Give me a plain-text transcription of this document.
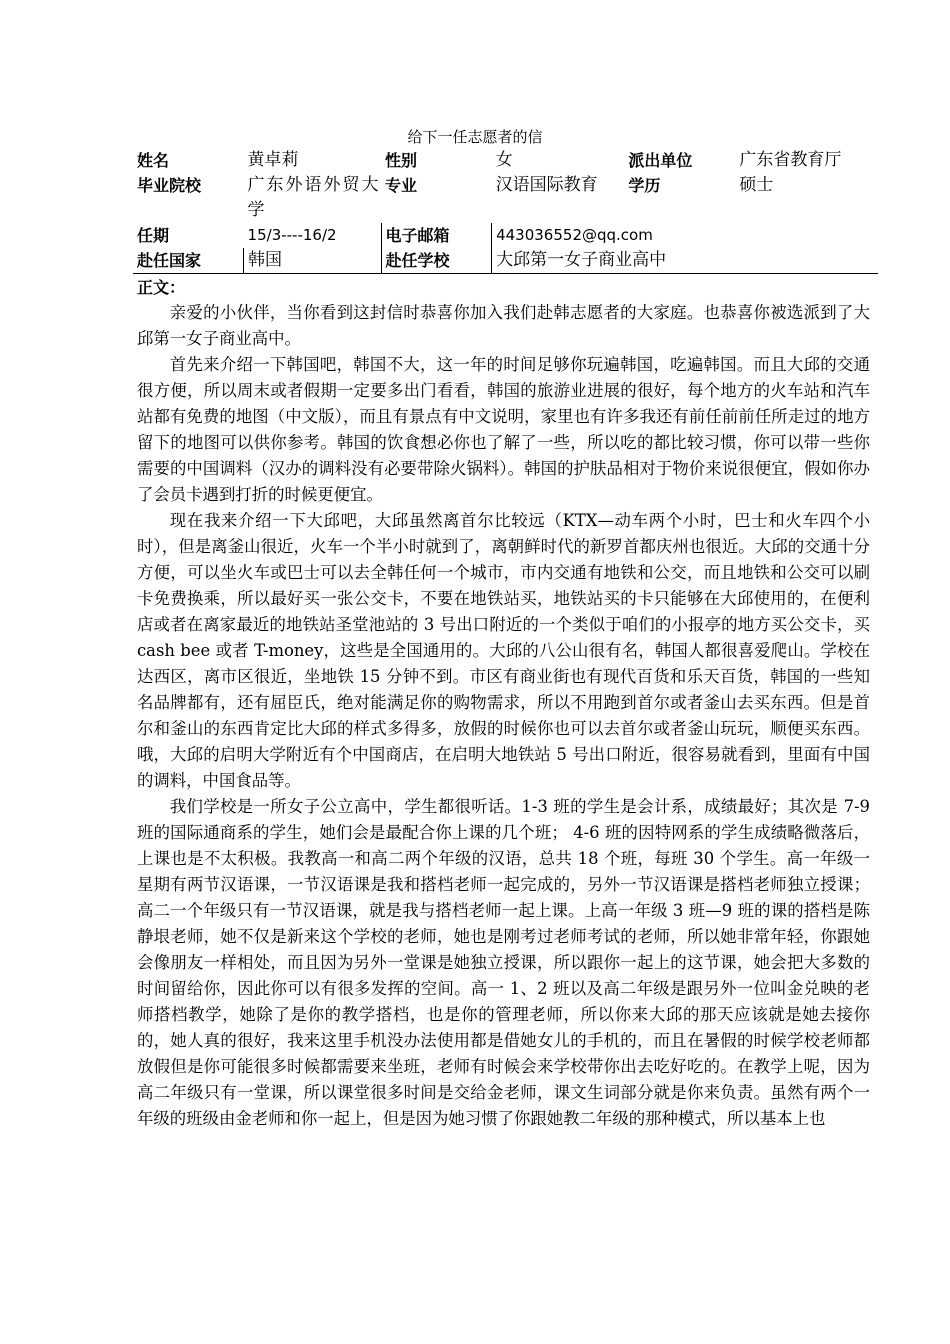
给下一任志愿者的信
姓名	黄卓莉	性别	女	派出单位	广东省教育厅
毕业院校	广东外语外贸大学	专业	汉语国际教育	学历	硕士
任期	15/3----16/2	电子邮箱	443036552@qq.com		
赴任国家	韩国	赴任学校	大邱第一女子商业高中		
正文：

亲爱的小伙伴，当你看到这封信时恭喜你加入我们赴韩志愿者的大家庭。也恭喜你被选派到了大邱第一女子商业高中。

首先来介绍一下韩国吧，韩国不大，这一年的时间足够你玩遍韩国，吃遍韩国。而且大邱的交通很方便，所以周末或者假期一定要多出门看看，韩国的旅游业进展的很好，每个地方的火车站和汽车站都有免费的地图（中文版），而且有景点有中文说明，家里也有许多我还有前任前前任所走过的地方留下的地图可以供你参考。韩国的饮食想必你也了解了一些，所以吃的都比较习惯，你可以带一些你需要的中国调料（汉办的调料没有必要带除火锅料）。韩国的护肤品相对于物价来说很便宜，假如你办了会员卡遇到打折的时候更便宜。

现在我来介绍一下大邱吧，大邱虽然离首尔比较远（KTX—动车两个小时，巴士和火车四个小时），但是离釜山很近，火车一个半小时就到了，离朝鲜时代的新罗首都庆州也很近。大邱的交通十分方便，可以坐火车或巴士可以去全韩任何一个城市，市内交通有地铁和公交，而且地铁和公交可以刷卡免费换乘，所以最好买一张公交卡，不要在地铁站买，地铁站买的卡只能够在大邱使用的，在便利店或者在离家最近的地铁站圣堂池站的 3 号出口附近的一个类似于咱们的小报亭的地方买公交卡，买 cash bee 或者 T-money，这些是全国通用的。大邱的八公山很有名，韩国人都很喜爱爬山。学校在达西区，离市区很近，坐地铁 15 分钟不到。市区有商业街也有现代百货和乐天百货，韩国的一些知名品牌都有，还有屈臣氏，绝对能满足你的购物需求，所以不用跑到首尔或者釜山去买东西。但是首尔和釜山的东西肯定比大邱的样式多得多，放假的时候你也可以去首尔或者釜山玩玩，顺便买东西。哦，大邱的启明大学附近有个中国商店，在启明大地铁站 5 号出口附近，很容易就看到，里面有中国的调料，中国食品等。

我们学校是一所女子公立高中，学生都很听话。1-3 班的学生是会计系，成绩最好；其次是 7-9 班的国际通商系的学生，她们会是最配合你上课的几个班； 4-6 班的因特网系的学生成绩略微落后，上课也是不太积极。我教高一和高二两个年级的汉语，总共 18 个班，每班 30 个学生。高一年级一星期有两节汉语课，一节汉语课是我和搭档老师一起完成的，另外一节汉语课是搭档老师独立授课；高二一个年级只有一节汉语课，就是我与搭档老师一起上课。上高一年级 3 班—9 班的课的搭档是陈静垠老师，她不仅是新来这个学校的老师，她也是刚考过老师考试的老师，所以她非常年轻，你跟她会像朋友一样相处，而且因为另外一堂课是她独立授课，所以跟你一起上的这节课，她会把大多数的时间留给你，因此你可以有很多发挥的空间。高一 1、2 班以及高二年级是跟另外一位叫金兑映的老师搭档教学，她除了是你的教学搭档，也是你的管理老师，所以你来大邱的那天应该就是她去接你的，她人真的很好，我来这里手机没办法使用都是借她女儿的手机的，而且在暑假的时候学校老师都放假但是你可能很多时候都需要来坐班，老师有时候会来学校带你出去吃好吃的。在教学上呢，因为高二年级只有一堂课，所以课堂很多时间是交给金老师，课文生词部分就是你来负责。虽然有两个一年级的班级由金老师和你一起上，但是因为她习惯了你跟她教二年级的那种模式，所以基本上也
